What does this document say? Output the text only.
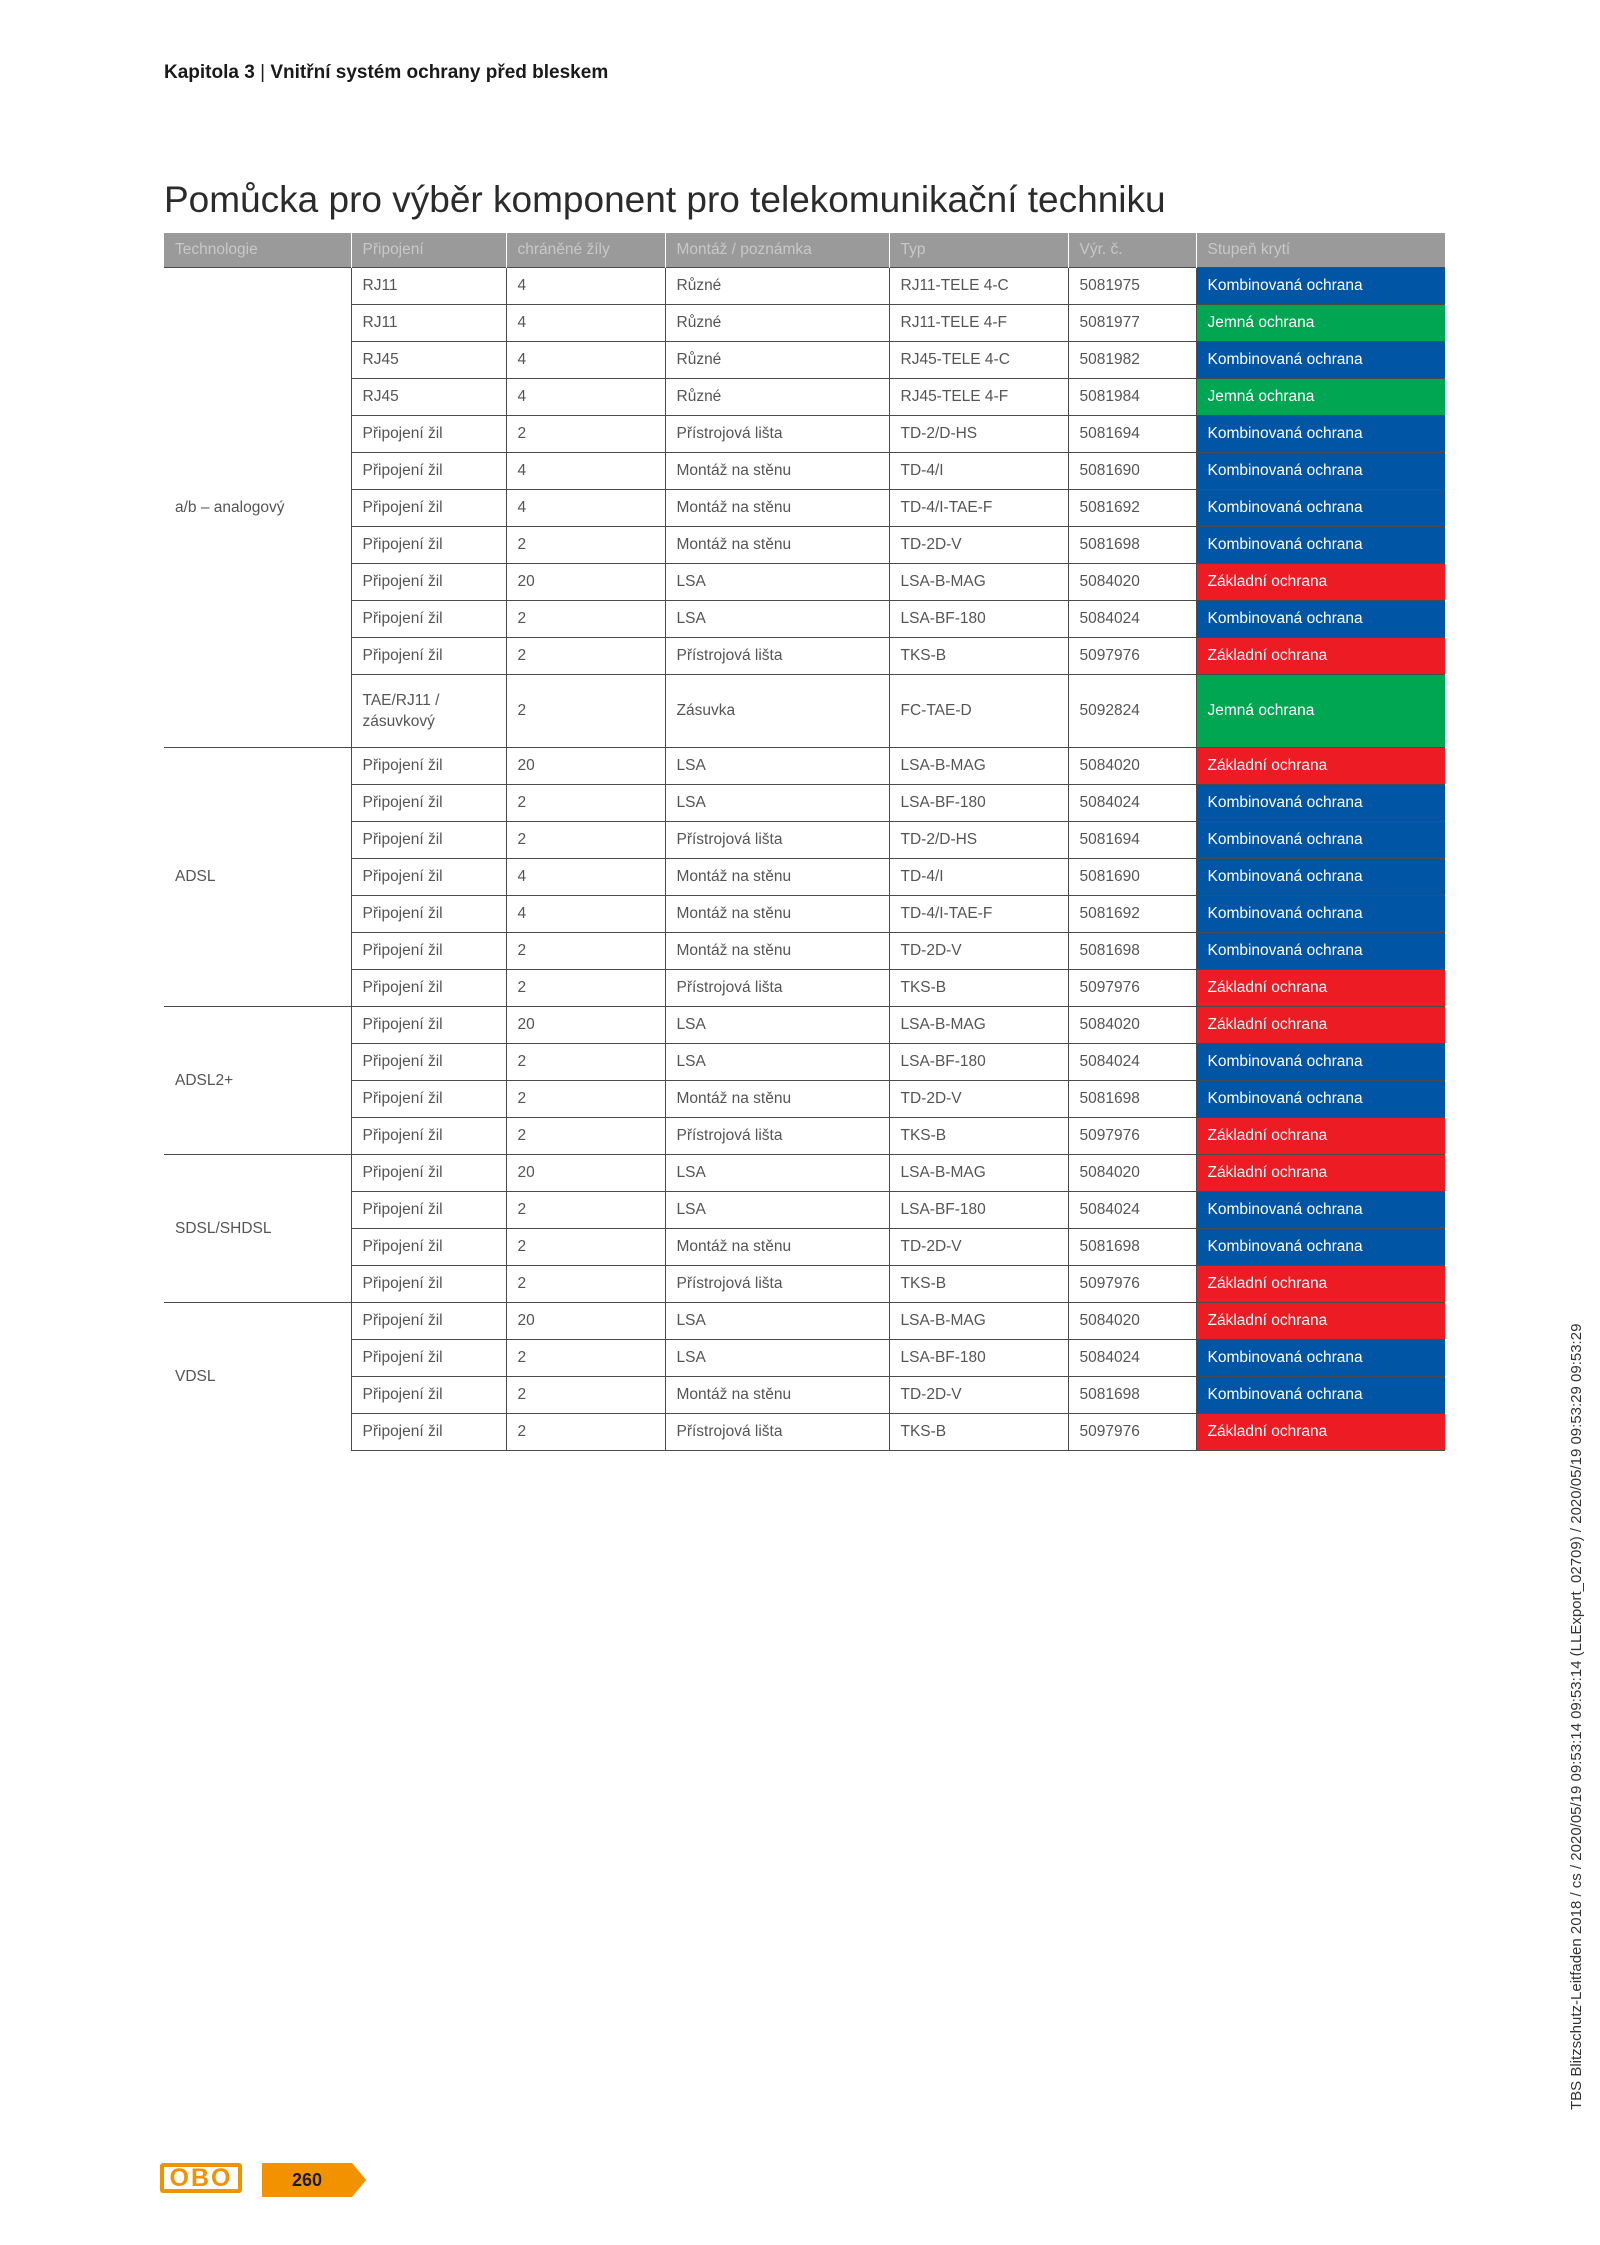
Kapitola 3 | Vnitřní systém ochrany před bleskem
Pomůcka pro výběr komponent pro telekomunikační techniku
Technologie	Připojení	chráněné žíly	Montáž / poznámka	Typ	Výr. č.	Stupeň krytí
a/b – analogový	RJ11	4	Různé	RJ11-TELE 4-C	5081975	Kombinovaná ochrana
	RJ11	4	Různé	RJ11-TELE 4-F	5081977	Jemná ochrana
	RJ45	4	Různé	RJ45-TELE 4-C	5081982	Kombinovaná ochrana
	RJ45	4	Různé	RJ45-TELE 4-F	5081984	Jemná ochrana
	Připojení žil	2	Přístrojová lišta	TD-2/D-HS	5081694	Kombinovaná ochrana
	Připojení žil	4	Montáž na stěnu	TD-4/I	5081690	Kombinovaná ochrana
	Připojení žil	4	Montáž na stěnu	TD-4/I-TAE-F	5081692	Kombinovaná ochrana
	Připojení žil	2	Montáž na stěnu	TD-2D-V	5081698	Kombinovaná ochrana
	Připojení žil	20	LSA	LSA-B-MAG	5084020	Základní ochrana
	Připojení žil	2	LSA	LSA-BF-180	5084024	Kombinovaná ochrana
	Připojení žil	2	Přístrojová lišta	TKS-B	5097976	Základní ochrana
	TAE/RJ11 / zásuvkový	2	Zásuvka	FC-TAE-D	5092824	Jemná ochrana
ADSL	Připojení žil	20	LSA	LSA-B-MAG	5084020	Základní ochrana
	Připojení žil	2	LSA	LSA-BF-180	5084024	Kombinovaná ochrana
	Připojení žil	2	Přístrojová lišta	TD-2/D-HS	5081694	Kombinovaná ochrana
	Připojení žil	4	Montáž na stěnu	TD-4/I	5081690	Kombinovaná ochrana
	Připojení žil	4	Montáž na stěnu	TD-4/I-TAE-F	5081692	Kombinovaná ochrana
	Připojení žil	2	Montáž na stěnu	TD-2D-V	5081698	Kombinovaná ochrana
	Připojení žil	2	Přístrojová lišta	TKS-B	5097976	Základní ochrana
ADSL2+	Připojení žil	20	LSA	LSA-B-MAG	5084020	Základní ochrana
	Připojení žil	2	LSA	LSA-BF-180	5084024	Kombinovaná ochrana
	Připojení žil	2	Montáž na stěnu	TD-2D-V	5081698	Kombinovaná ochrana
	Připojení žil	2	Přístrojová lišta	TKS-B	5097976	Základní ochrana
SDSL/SHDSL	Připojení žil	20	LSA	LSA-B-MAG	5084020	Základní ochrana
	Připojení žil	2	LSA	LSA-BF-180	5084024	Kombinovaná ochrana
	Připojení žil	2	Montáž na stěnu	TD-2D-V	5081698	Kombinovaná ochrana
	Připojení žil	2	Přístrojová lišta	TKS-B	5097976	Základní ochrana
VDSL	Připojení žil	20	LSA	LSA-B-MAG	5084020	Základní ochrana
	Připojení žil	2	LSA	LSA-BF-180	5084024	Kombinovaná ochrana
	Připojení žil	2	Montáž na stěnu	TD-2D-V	5081698	Kombinovaná ochrana
	Připojení žil	2	Přístrojová lišta	TKS-B	5097976	Základní ochrana	TBS Blitzschutz-Leitfaden 2018 / cs / 2020/05/19 09:53:14 09:53:14 (LLExport_02709) / 2020/05/19 09:53:29 09:53:29
OBO	260
